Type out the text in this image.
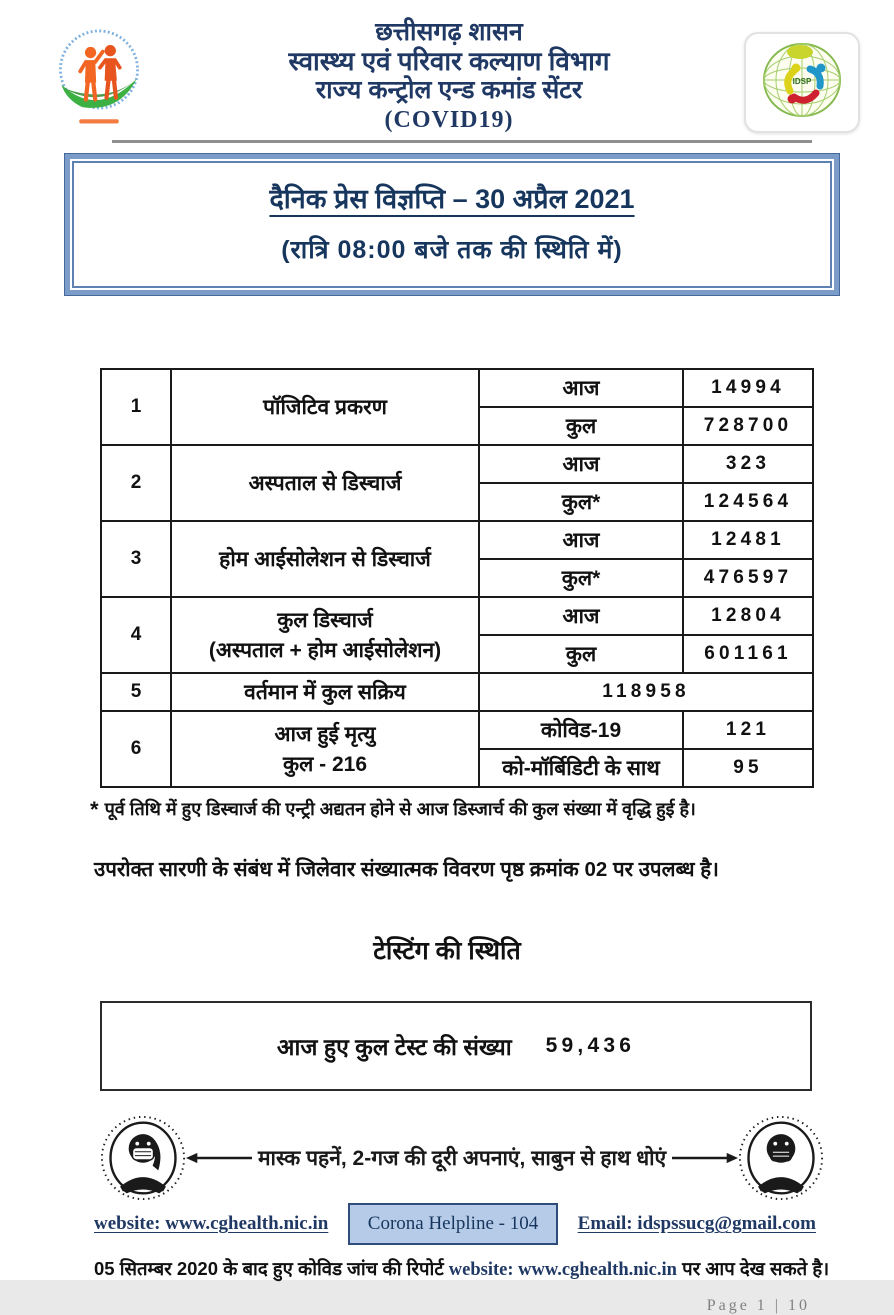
छत्तीसगढ़ शासन
स्वास्थ्य एवं परिवार कल्याण विभाग
राज्य कन्ट्रोल एन्ड कमांड सेंटर
(COVID19)
IDSP
दैनिक प्रेस विज्ञप्ति – 30 अप्रैल 2021
(रात्रि 08:00 बजे तक की स्थिति में)
1	पॉजिटिव प्रकरण	आज	14994
		कुल	728700
2	अस्पताल से डिस्चार्ज	आज	323
		कुल*	124564
3	होम आईसोलेशन से डिस्चार्ज	आज	12481
		कुल*	476597
4	कुल डिस्चार्ज
(अस्पताल + होम आईसोलेशन)	आज	12804
		कुल	601161
5	वर्तमान में कुल सक्रिय	118958	
6	आज हुई मृत्यु
कुल - 216	कोविड-19	121
		को-मॉर्बिडिटी के साथ	95
* पूर्व तिथि में हुए डिस्चार्ज की एन्ट्री अद्यतन होने से आज डिस्जार्च की कुल संख्या में वृद्धि हुई है।
उपरोक्त सारणी के संबंध में जिलेवार संख्यात्मक विवरण पृष्ठ क्रमांक 02 पर उपलब्ध है।
टेस्टिंग की स्थिति
आज हुए कुल टेस्ट की संख्या 59,436
मास्क पहनें, 2-गज की दूरी अपनाएं, साबुन से हाथ धोएं
website: www.cghealth.nic.in	Corona Helpline - 104	Email: idspssucg@gmail.com
05 सितम्बर 2020 के बाद हुए कोविड जांच की रिपोर्ट website: www.cghealth.nic.in पर आप देख सकते है।
Page 1 | 10
